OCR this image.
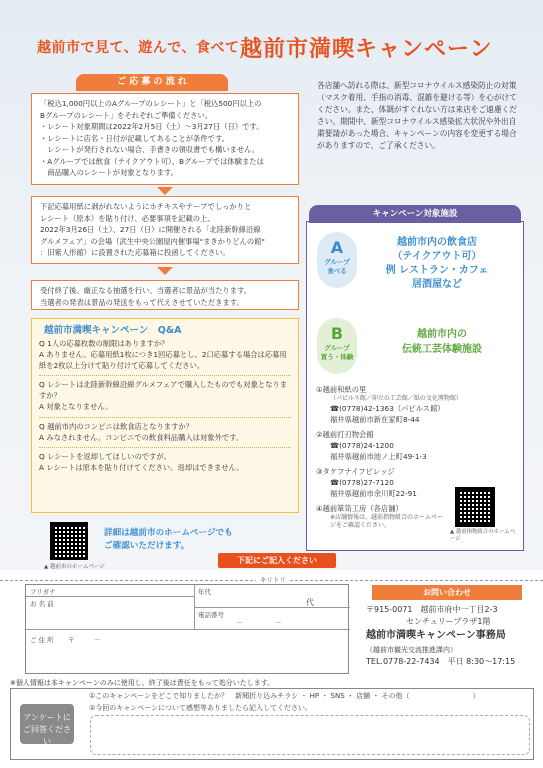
越前市で見て、遊んで、食べて 越前市満喫キャンペーン
ご 応 募 の 流 れ
「税込1,000円以上のAグループのレシート」と「税込500円以上の
Bグループのレシート」をそれぞれご準備ください。
・レシート対象期間は2022年2月5日（土）～3月27日（日）です。
・レシートに店名・日付が記載してあることが条件です。
　レシートが発行されない場合、手書きの領収書でも構いません。
・Aグループでは飲食（テイクアウト可）、Bグループでは体験または
　商品購入のレシートが対象となります。
下記応募用紙に剥がれないようにホチキスやテープでしっかりと
レシート（原本）を貼り付け、必要事項を記載の上、
2022年3月26日（土）、27日（日）に開催される「北陸新幹線沿線
グルメフェア」の会場（武生中央公園屋内催事場"まきかりどんの館"
：旧紫人形館）に設置された応募箱に投函してください。
受付終了後、厳正なる抽選を行い、当選者に景品が当たります。
当選者の発表は景品の発送をもって代えさせていただきます。
Q 1人の応募枚数の制限はありますか？
A ありません。応募用紙1枚につき1回応募とし、2口応募する場合は応募用紙を2枚以上分けて貼り付けて応募してください。
Q レシートは北陸新幹線沿線グルメフェアで購入したものでも対象となりますか？
A 対象となりません。
Q 越前市内のコンビニは飲食店となりますか？
A みなされません。コンビニでの飲食料品購入は対象外です。
Q レシートを返却してほしいのですが。
A レシートは原本を貼り付けてください。返却はできません。
越前市満喫キャンペーン　Q&A
▲ 越前市のホームページ
詳細は越前市のホームページでも
ご確認いただけます。
下記にご記入ください
各店舗へ訪れる際は、新型コロナウイルス感染防止の対策（マスク着用、手指の消毒、混雑を避ける等）を心がけてください。また、体調がすぐれない方は来店をご遠慮ください。期間中、新型コロナウイルス感染拡大状況や外出自粛要請があった場合、キャンペーンの内容を変更する場合がありますので、ご了承ください。
キャンペーン対象施設
A
グループ
食べる
越前市内の飲食店
（テイクアウト可）
例 レストラン・カフェ
居酒屋など
B
グループ
買う・体験
越前市内の
伝統工芸体験施設
①越前和紙の里
（パピルス館／卯立の工芸館／紙の文化博物館）
☎(0778)42-1363（パピルス館）
福井県越前市新在家町8-44
②越前打刃物会館
☎(0778)24-1200
福井県越前市池ノ上町49-1-3
③タケフナイフビレッジ
☎(0778)27-7120
福井県越前市余川町22-91
④越前箪笥工房（各店舗）
※店舗情報は、越前指物組合のホームページをご確認ください。
▲ 越前指物組合のホームページ
キリトリ
フリガナ
お 名 前
年代
代
電話番号
－　　　　　－
ご 住 所 〒　　　－
お問い合わせ
〒915-0071　越前市府中一丁目2-3
　　　　　センチュリープラザ1階
越前市満喫キャンペーン事務局
（越前市観光交流推進課内）
TEL.0778-22-7434　平日 8:30～17:15
※個人情報は本キャンペーンのみに使用し、終了後は責任をもって処分いたします。
①このキャンペーンをどこで知りましたか？　新聞折り込みチラシ ・ HP ・ SNS ・ 店舗 ・ その他（　　　　　　　　　）
②今回のキャンペーンについて感想等ありましたら記入してください。
アンケートに
ご回答ください
